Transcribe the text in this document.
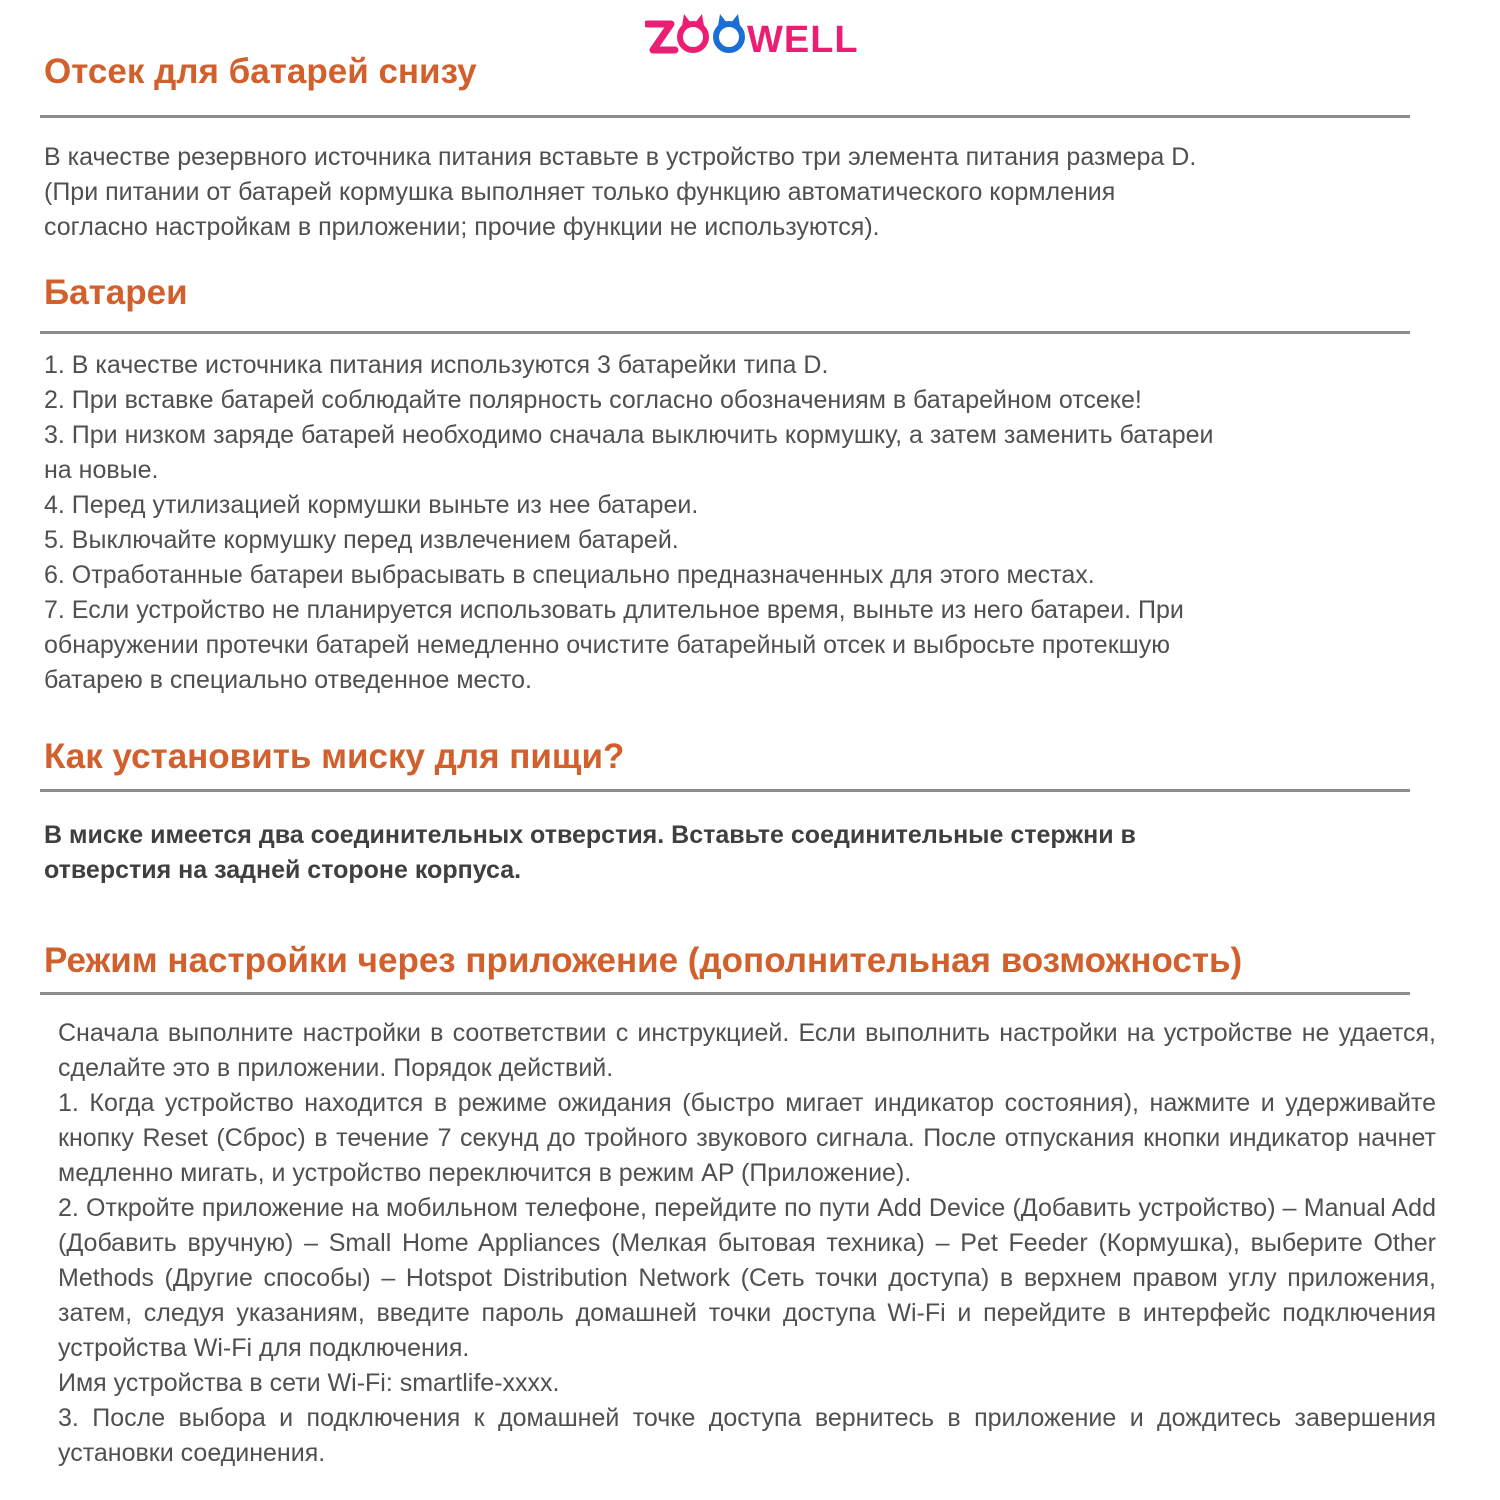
WELL
Отсек для батарей снизу
В качестве резервного источника питания вставьте в устройство три элемента питания размера D.
(При питании от батарей кормушка выполняет только функцию автоматического кормления
согласно настройкам в приложении; прочие функции не используются).
Батареи
1. В качестве источника питания используются 3 батарейки типа D.
2. При вставке батарей соблюдайте полярность согласно обозначениям в батарейном отсеке!
3. При низком заряде батарей необходимо сначала выключить кормушку, а затем заменить батареи
на новые.
4. Перед утилизацией кормушки выньте из нее батареи.
5. Выключайте кормушку перед извлечением батарей.
6. Отработанные батареи выбрасывать в специально предназначенных для этого местах.
7. Если устройство не планируется использовать длительное время, выньте из него батареи. При
обнаружении протечки батарей немедленно очистите батарейный отсек и выбросьте протекшую
батарею в специально отведенное место.
Как установить миску для пищи?
В миске имеется два соединительных отверстия. Вставьте соединительные стержни в
отверстия на задней стороне корпуса.
Режим настройки через приложение (дополнительная возможность)
Сначала выполните настройки в соответствии с инструкцией. Если выполнить настройки на устройстве не удается, сделайте это в приложении. Порядок действий.
1. Когда устройство находится в режиме ожидания (быстро мигает индикатор состояния), нажмите и удерживайте кнопку Reset (Сброс) в течение 7 секунд до тройного звукового сигнала. После отпускания кнопки индикатор начнет медленно мигать, и устройство переключится в режим AP (Приложение).
2. Откройте приложение на мобильном телефоне, перейдите по пути Add Device (Добавить устройство) – Manual Add (Добавить вручную) – Small Home Appliances (Мелкая бытовая техника) – Pet Feeder (Кормушка), выберите Other Methods (Другие способы) – Hotspot Distribution Network (Сеть точки доступа) в верхнем правом углу приложения, затем, следуя указаниям, введите пароль домашней точки доступа Wi-Fi и перейдите в интерфейс подключения устройства Wi-Fi для подключения.
Имя устройства в сети Wi-Fi: smartlife-xxxx.
3. После выбора и подключения к домашней точке доступа вернитесь в приложение и дождитесь завершения установки соединения.
